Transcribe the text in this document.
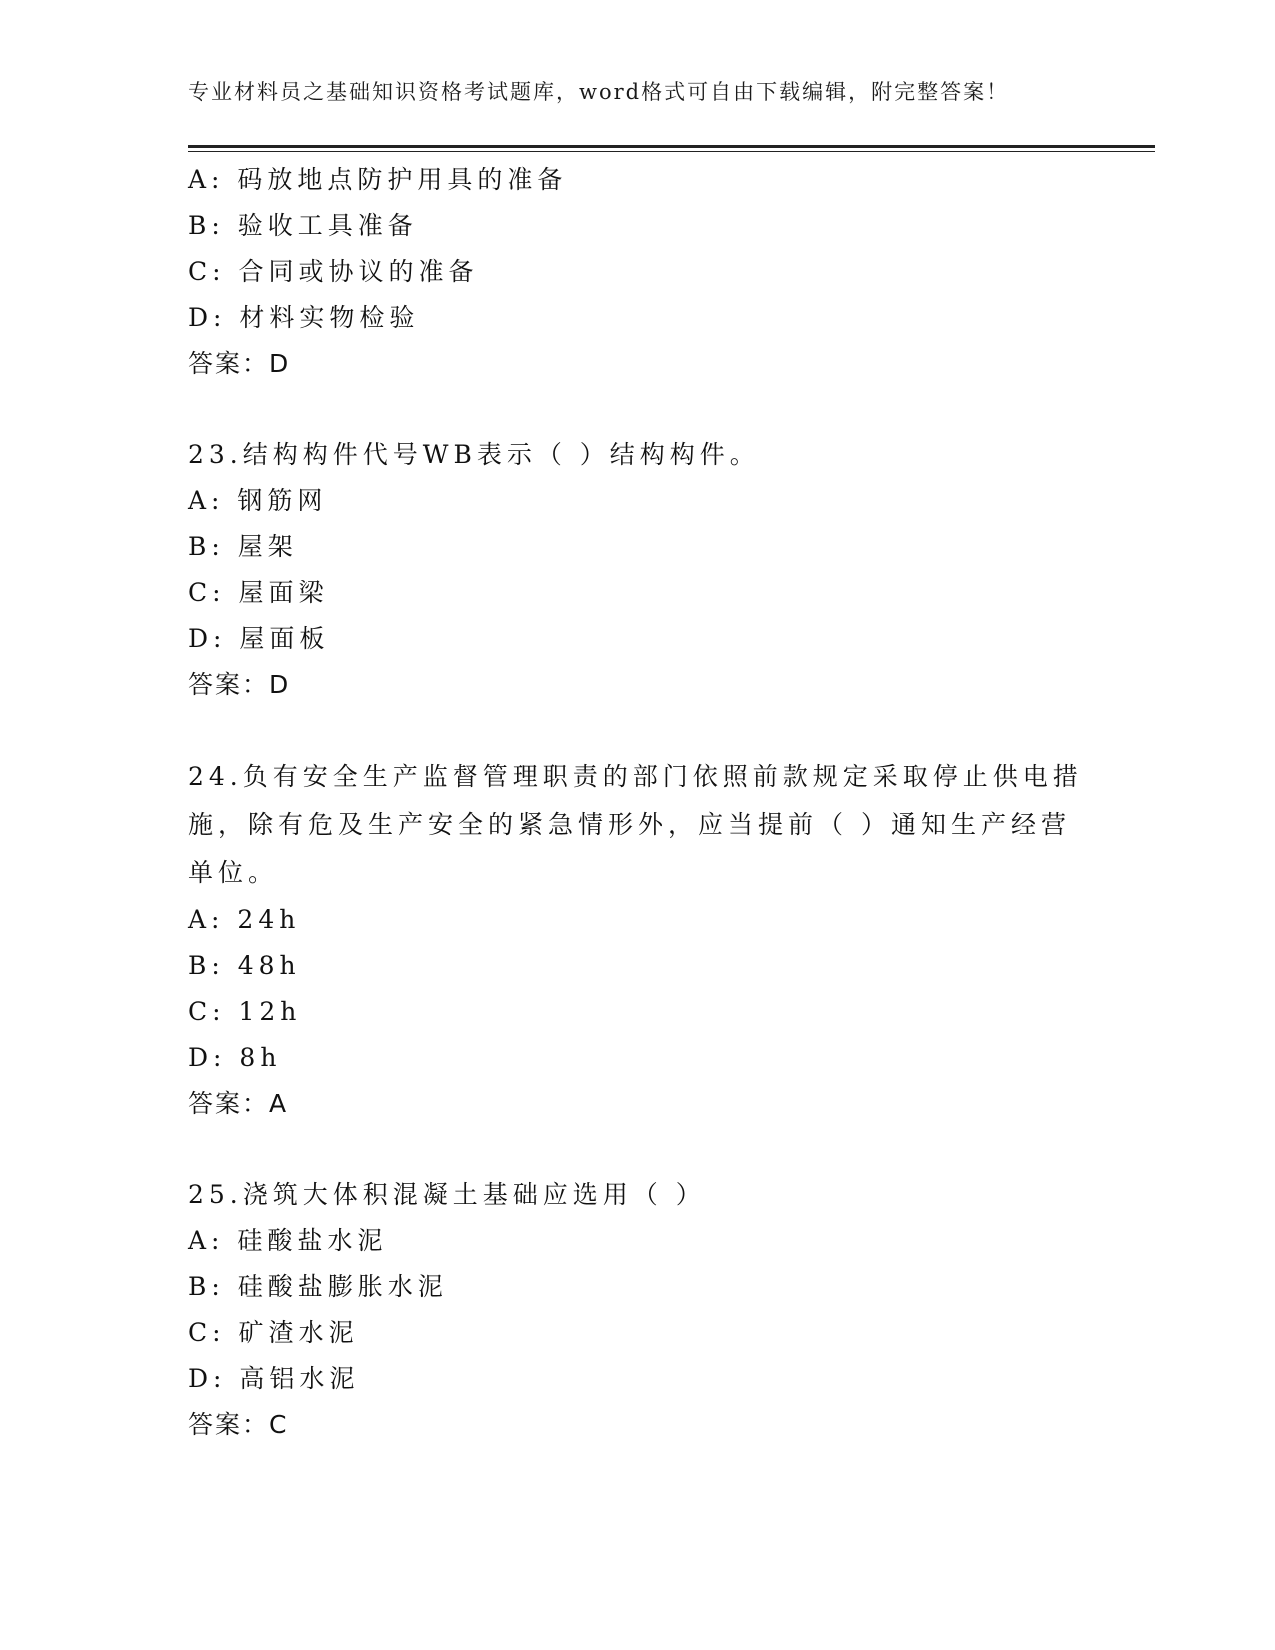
专业材料员之基础知识资格考试题库，word格式可自由下载编辑，附完整答案！
A: 码放地点防护用具的准备
B: 验收工具准备
C: 合同或协议的准备
D: 材料实物检验
答案：D
23.结构构件代号WB表示（ ）结构构件。
A: 钢筋网
B: 屋架
C: 屋面梁
D: 屋面板
答案：D
24.负有安全生产监督管理职责的部门依照前款规定采取停止供电措施，除有危及生产安全的紧急情形外，应当提前（ ）通知生产经营单位。
A: 24h
B: 48h
C: 12h
D: 8h
答案：A
25.浇筑大体积混凝土基础应选用（ ）
A: 硅酸盐水泥
B: 硅酸盐膨胀水泥
C: 矿渣水泥
D: 高铝水泥
答案：C
